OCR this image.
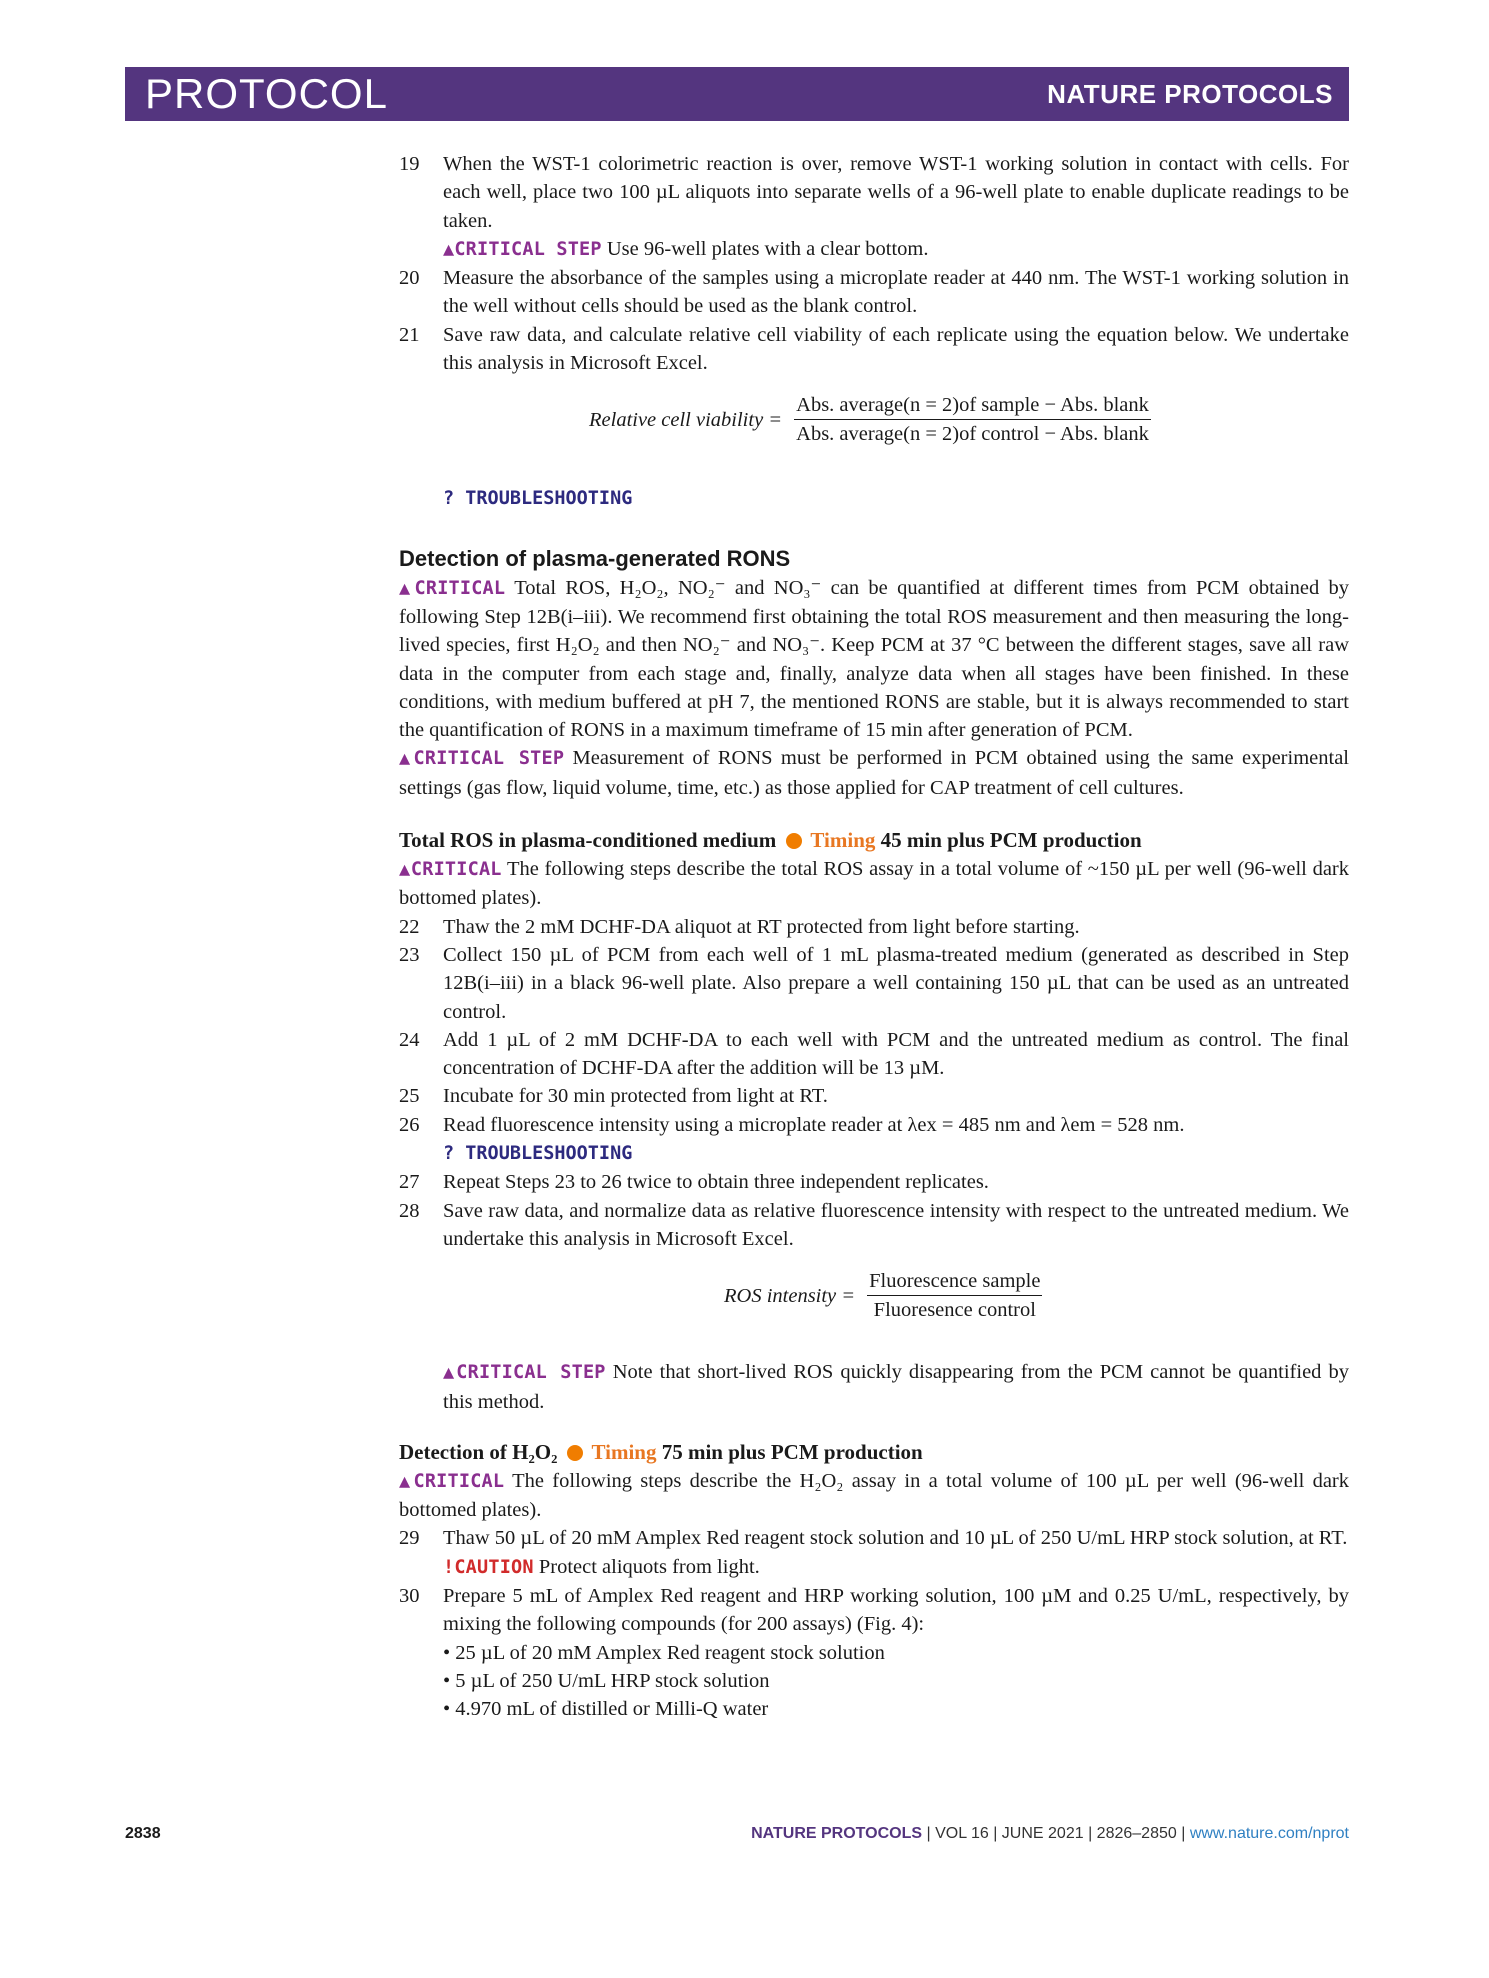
PROTOCOL	NATURE PROTOCOLS
19 When the WST-1 colorimetric reaction is over, remove WST-1 working solution in contact with cells. For each well, place two 100 µL aliquots into separate wells of a 96-well plate to enable duplicate readings to be taken.
▲CRITICAL STEP Use 96-well plates with a clear bottom.
20 Measure the absorbance of the samples using a microplate reader at 440 nm. The WST-1 working solution in the well without cells should be used as the blank control.
21 Save raw data, and calculate relative cell viability of each replicate using the equation below. We undertake this analysis in Microsoft Excel.
Relative cell viability = $\frac{\text{Abs. average(n = 2)of sample − Abs. blank}}{\text{Abs. average(n = 2)of control − Abs. blank}}$
? TROUBLESHOOTING
Detection of plasma-generated RONS
▲CRITICAL Total ROS, H₂O₂, NO₂⁻ and NO₃⁻ can be quantified at different times from PCM obtained by following Step 12B(i–iii). We recommend first obtaining the total ROS measurement and then measuring the long-lived species, first H₂O₂ and then NO₂⁻ and NO₃⁻. Keep PCM at 37 °C between the different stages, save all raw data in the computer from each stage and, finally, analyze data when all stages have been finished. In these conditions, with medium buffered at pH 7, the mentioned RONS are stable, but it is always recommended to start the quantification of RONS in a maximum timeframe of 15 min after generation of PCM.
▲CRITICAL STEP Measurement of RONS must be performed in PCM obtained using the same experimental settings (gas flow, liquid volume, time, etc.) as those applied for CAP treatment of cell cultures.
Total ROS in plasma-conditioned medium Timing 45 min plus PCM production
▲CRITICAL The following steps describe the total ROS assay in a total volume of ~150 µL per well (96-well dark bottomed plates).
22 Thaw the 2 mM DCHF-DA aliquot at RT protected from light before starting.
23 Collect 150 µL of PCM from each well of 1 mL plasma-treated medium (generated as described in Step 12B(i–iii) in a black 96-well plate. Also prepare a well containing 150 µL that can be used as an untreated control.
24 Add 1 µL of 2 mM DCHF-DA to each well with PCM and the untreated medium as control. The final concentration of DCHF-DA after the addition will be 13 µM.
25 Incubate for 30 min protected from light at RT.
26 Read fluorescence intensity using a microplate reader at λex = 485 nm and λem = 528 nm.
? TROUBLESHOOTING
27 Repeat Steps 23 to 26 twice to obtain three independent replicates.
28 Save raw data, and normalize data as relative fluorescence intensity with respect to the untreated medium. We undertake this analysis in Microsoft Excel.
ROS intensity = $\frac{\text{Fluorescence sample}}{\text{Fluoresence control}}$
▲CRITICAL STEP Note that short-lived ROS quickly disappearing from the PCM cannot be quantified by this method.
Detection of H₂O₂ Timing 75 min plus PCM production
▲CRITICAL The following steps describe the H₂O₂ assay in a total volume of 100 µL per well (96-well dark bottomed plates).
29 Thaw 50 µL of 20 mM Amplex Red reagent stock solution and 10 µL of 250 U/mL HRP stock solution, at RT.
!CAUTION Protect aliquots from light.
30 Prepare 5 mL of Amplex Red reagent and HRP working solution, 100 µM and 0.25 U/mL, respectively, by mixing the following compounds (for 200 assays) (Fig. 4):
• 25 µL of 20 mM Amplex Red reagent stock solution
• 5 µL of 250 U/mL HRP stock solution
• 4.970 mL of distilled or Milli-Q water
2838	NATURE PROTOCOLS | VOL 16 | JUNE 2021 | 2826–2850 | www.nature.com/nprot
